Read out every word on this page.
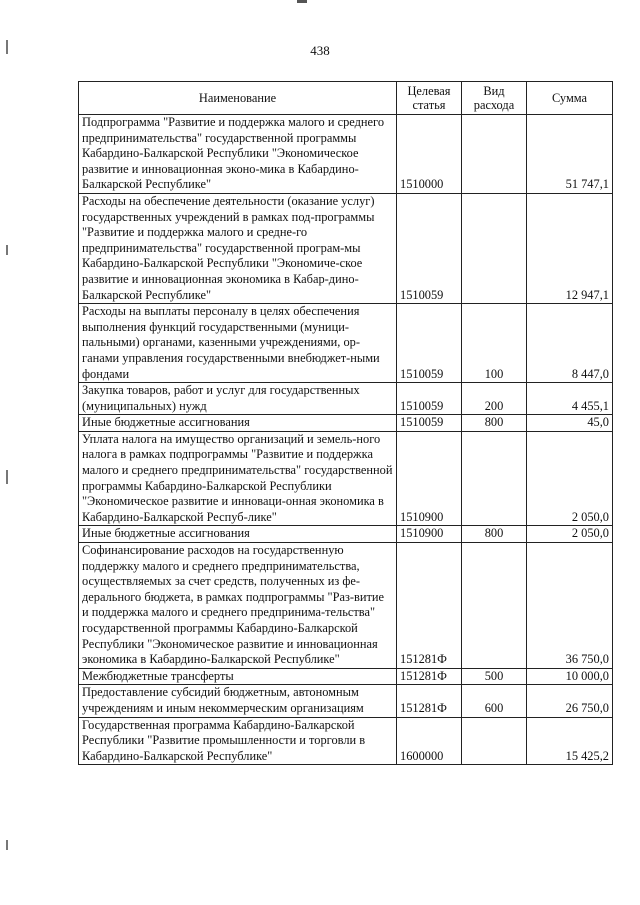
438
Наименование	Целевая статья	Вид расхода	Сумма
Подпрограмма "Развитие и поддержка малого и среднего предпринимательства" государственной программы Кабардино-Балкарской Республики "Экономическое развитие и инновационная эконо-мика в Кабардино-Балкарской Республике"	1510000		51 747,1
Расходы на обеспечение деятельности (оказание услуг) государственных учреждений в рамках под-программы "Развитие и поддержка малого и средне-го предпринимательства" государственной програм-мы Кабардино-Балкарской Республики "Экономиче-ское развитие и инновационная экономика в Кабар-дино-Балкарской Республике"	1510059		12 947,1
Расходы на выплаты персоналу в целях обеспечения выполнения функций государственными (муници-пальными) органами, казенными учреждениями, ор-ганами управления государственными внебюджет-ными фондами	1510059	100	8 447,0
Закупка товаров, работ и услуг для государственных (муниципальных) нужд	1510059	200	4 455,1
Иные бюджетные ассигнования	1510059	800	45,0
Уплата налога на имущество организаций и земель-ного налога в рамках подпрограммы "Развитие и поддержка малого и среднего предпринимательства" государственной программы Кабардино-Балкарской Республики "Экономическое развитие и инноваци-онная экономика в Кабардино-Балкарской Респуб-лике"	1510900		2 050,0
Иные бюджетные ассигнования	1510900	800	2 050,0
Софинансирование расходов на государственную поддержку малого и среднего предпринимательства, осуществляемых за счет средств, полученных из фе-дерального бюджета, в рамках подпрограммы "Раз-витие и поддержка малого и среднего предпринима-тельства" государственной программы Кабардино-Балкарской Республики "Экономическое развитие и инновационная экономика в Кабардино-Балкарской Республике"	151281Ф		36 750,0
Межбюджетные трансферты	151281Ф	500	10 000,0
Предоставление субсидий бюджетным, автономным учреждениям и иным некоммерческим организациям	151281Ф	600	26 750,0
Государственная программа Кабардино-Балкарской Республики "Развитие промышленности и торговли в Кабардино-Балкарской Республике"	1600000		15 425,2
